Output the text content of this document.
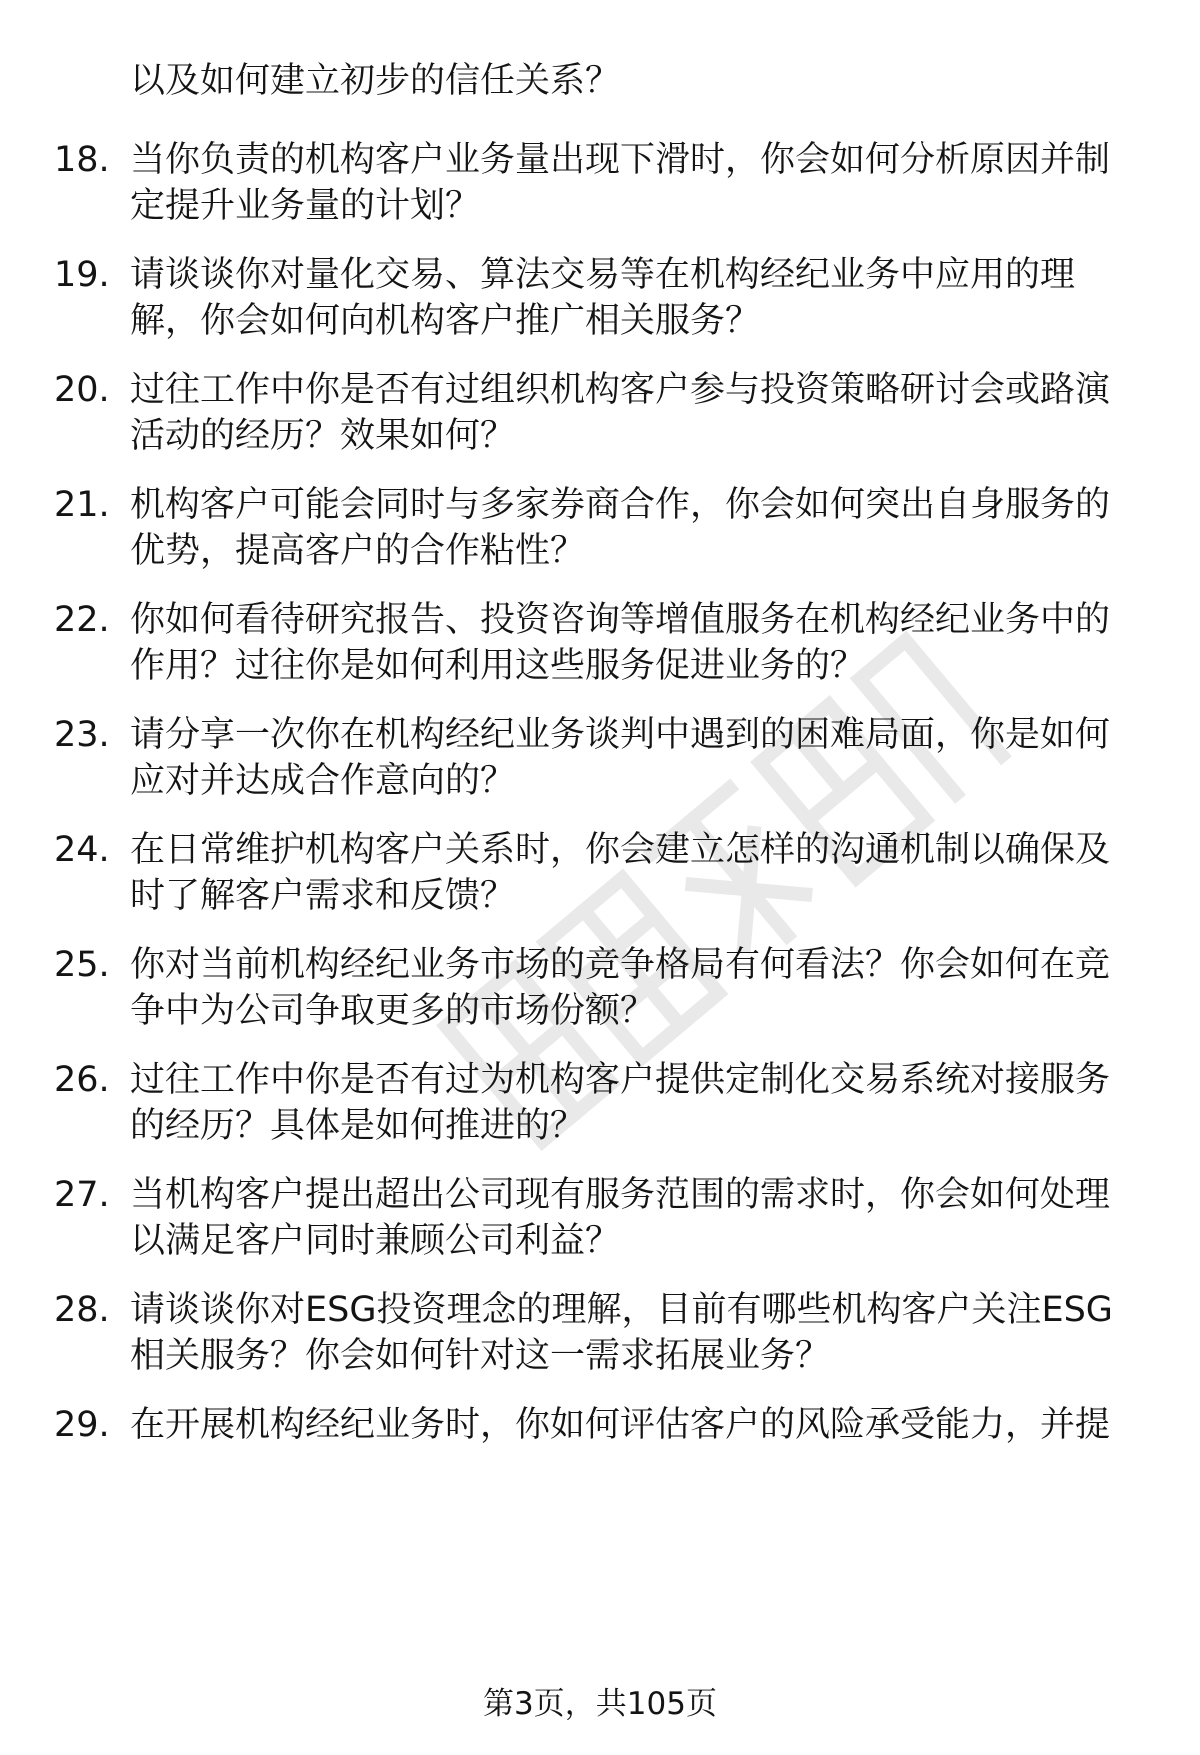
以及如何建立初步的信任关系？
18. 当你负责的机构客户业务量出现下滑时，你会如何分析原因并制
定提升业务量的计划？
19. 请谈谈你对量化交易、算法交易等在机构经纪业务中应用的理
解，你会如何向机构客户推广相关服务？
20. 过往工作中你是否有过组织机构客户参与投资策略研讨会或路演
活动的经历？效果如何？
21. 机构客户可能会同时与多家券商合作，你会如何突出自身服务的
优势，提高客户的合作粘性？
22. 你如何看待研究报告、投资咨询等增值服务在机构经纪业务中的
作用？过往你是如何利用这些服务促进业务的？
23. 请分享一次你在机构经纪业务谈判中遇到的困难局面，你是如何
应对并达成合作意向的？
24. 在日常维护机构客户关系时，你会建立怎样的沟通机制以确保及
时了解客户需求和反馈？
25. 你对当前机构经纪业务市场的竞争格局有何看法？你会如何在竞
争中为公司争取更多的市场份额？
26. 过往工作中你是否有过为机构客户提供定制化交易系统对接服务
的经历？具体是如何推进的？
27. 当机构客户提出超出公司现有服务范围的需求时，你会如何处理
以满足客户同时兼顾公司利益？
28. 请谈谈你对ESG投资理念的理解，目前有哪些机构客户关注ESG
相关服务？你会如何针对这一需求拓展业务？
29. 在开展机构经纪业务时，你如何评估客户的风险承受能力，并提
第3页，共105页
